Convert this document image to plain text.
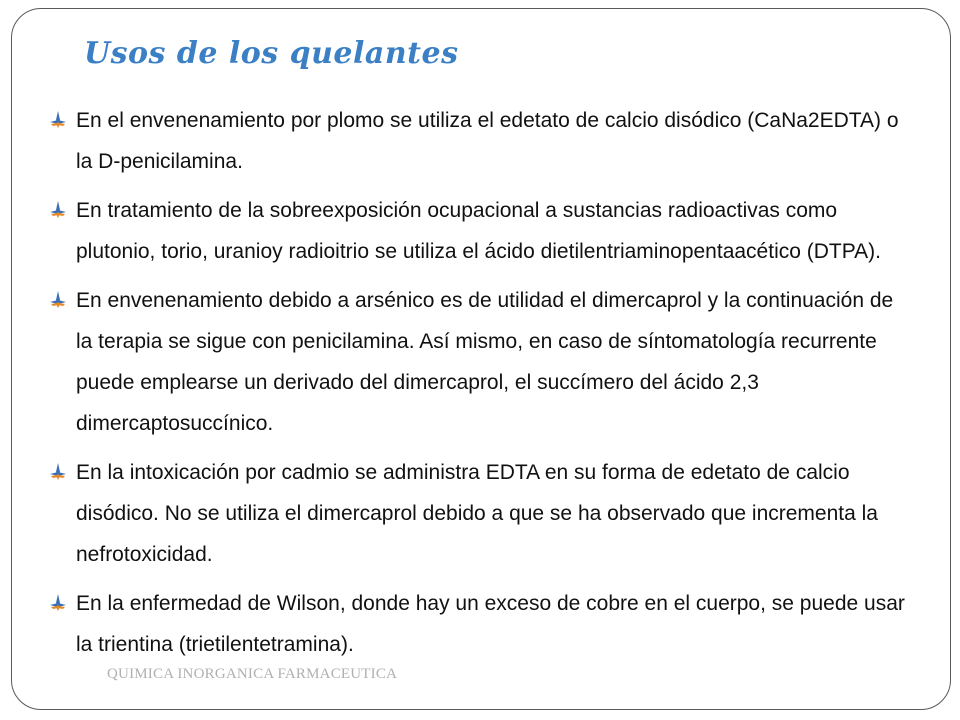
Usos de los quelantes
En el envenenamiento por plomo se utiliza el edetato de calcio disódico (CaNa2EDTA) o la D-penicilamina.
En tratamiento de la sobreexposición ocupacional a sustancias radioactivas como plutonio, torio, uranioy radioitrio se utiliza el ácido dietilentriaminopentaacético (DTPA).
En envenenamiento debido a arsénico es de utilidad el dimercaprol y la continuación de la terapia se sigue con penicilamina. Así mismo, en caso de síntomatología recurrente puede emplearse un derivado del dimercaprol, el succímero del ácido 2,3 dimercaptosuccínico.
En la intoxicación por cadmio se administra EDTA en su forma de edetato de calcio disódico. No se utiliza el dimercaprol debido a que se ha observado que incrementa la nefrotoxicidad.
En la enfermedad de Wilson, donde hay un exceso de cobre en el cuerpo, se puede usar la trientina (trietilentetramina).
QUIMICA INORGANICA FARMACEUTICA
